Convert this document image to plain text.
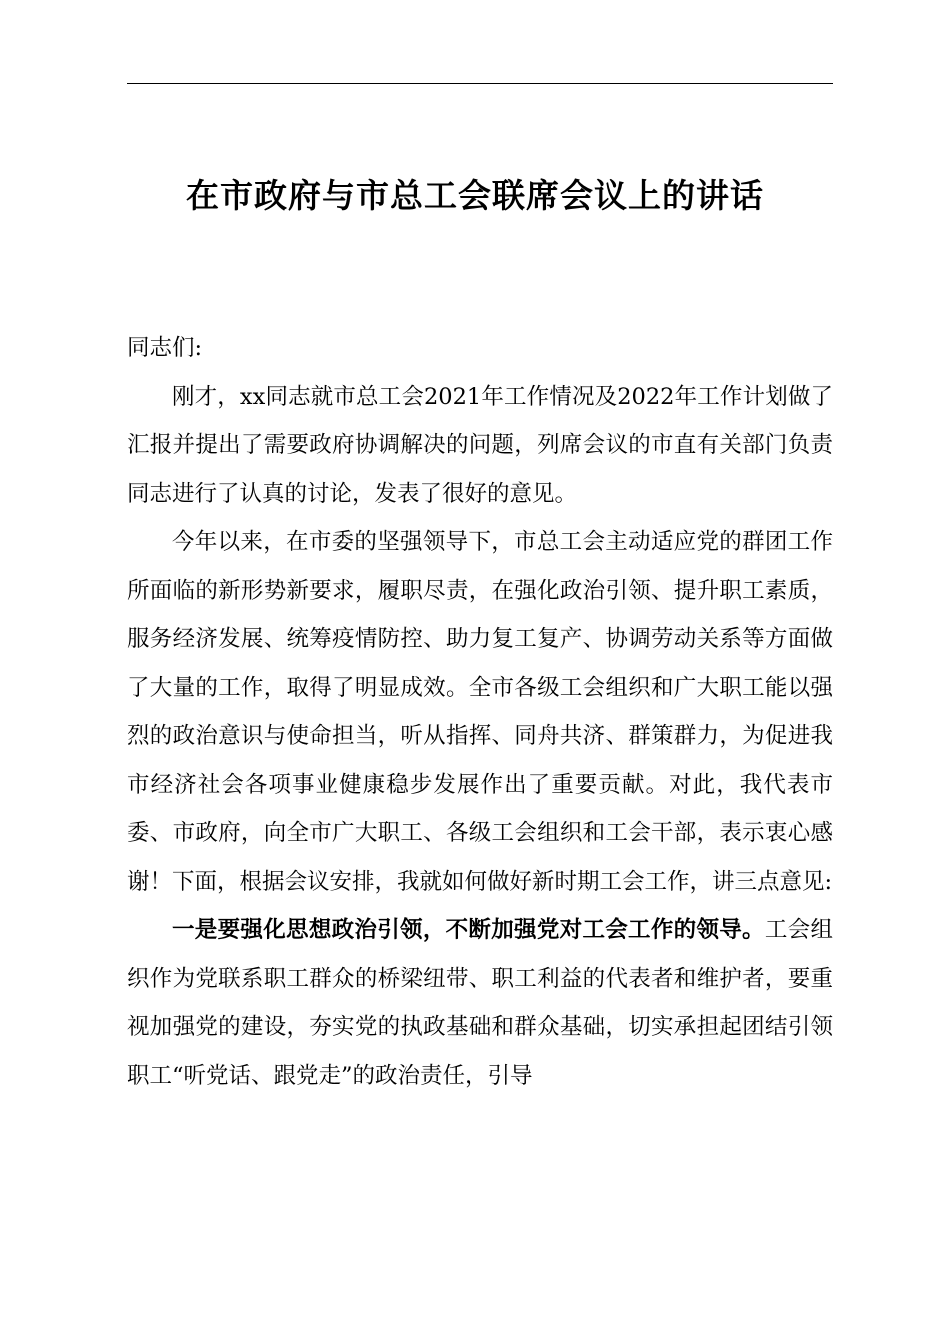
在市政府与市总工会联席会议上的讲话

同志们:

刚才，xx同志就市总工会2021年工作情况及2022年工作计划做了汇报并提出了需要政府协调解决的问题，列席会议的市直有关部门负责同志进行了认真的讨论，发表了很好的意见。

今年以来，在市委的坚强领导下，市总工会主动适应党的群团工作所面临的新形势新要求，履职尽责，在强化政治引领、提升职工素质，服务经济发展、统筹疫情防控、助力复工复产、协调劳动关系等方面做了大量的工作，取得了明显成效。全市各级工会组织和广大职工能以强烈的政治意识与使命担当，听从指挥、同舟共济、群策群力，为促进我市经济社会各项事业健康稳步发展作出了重要贡献。对此，我代表市委、市政府，向全市广大职工、各级工会组织和工会干部，表示衷心感谢！下面，根据会议安排，我就如何做好新时期工会工作，讲三点意见:

一是要强化思想政治引领，不断加强党对工会工作的领导。工会组织作为党联系职工群众的桥梁纽带、职工利益的代表者和维护者，要重视加强党的建设，夯实党的执政基础和群众基础，切实承担起团结引领职工“听党话、跟党走”的政治责任，引导
